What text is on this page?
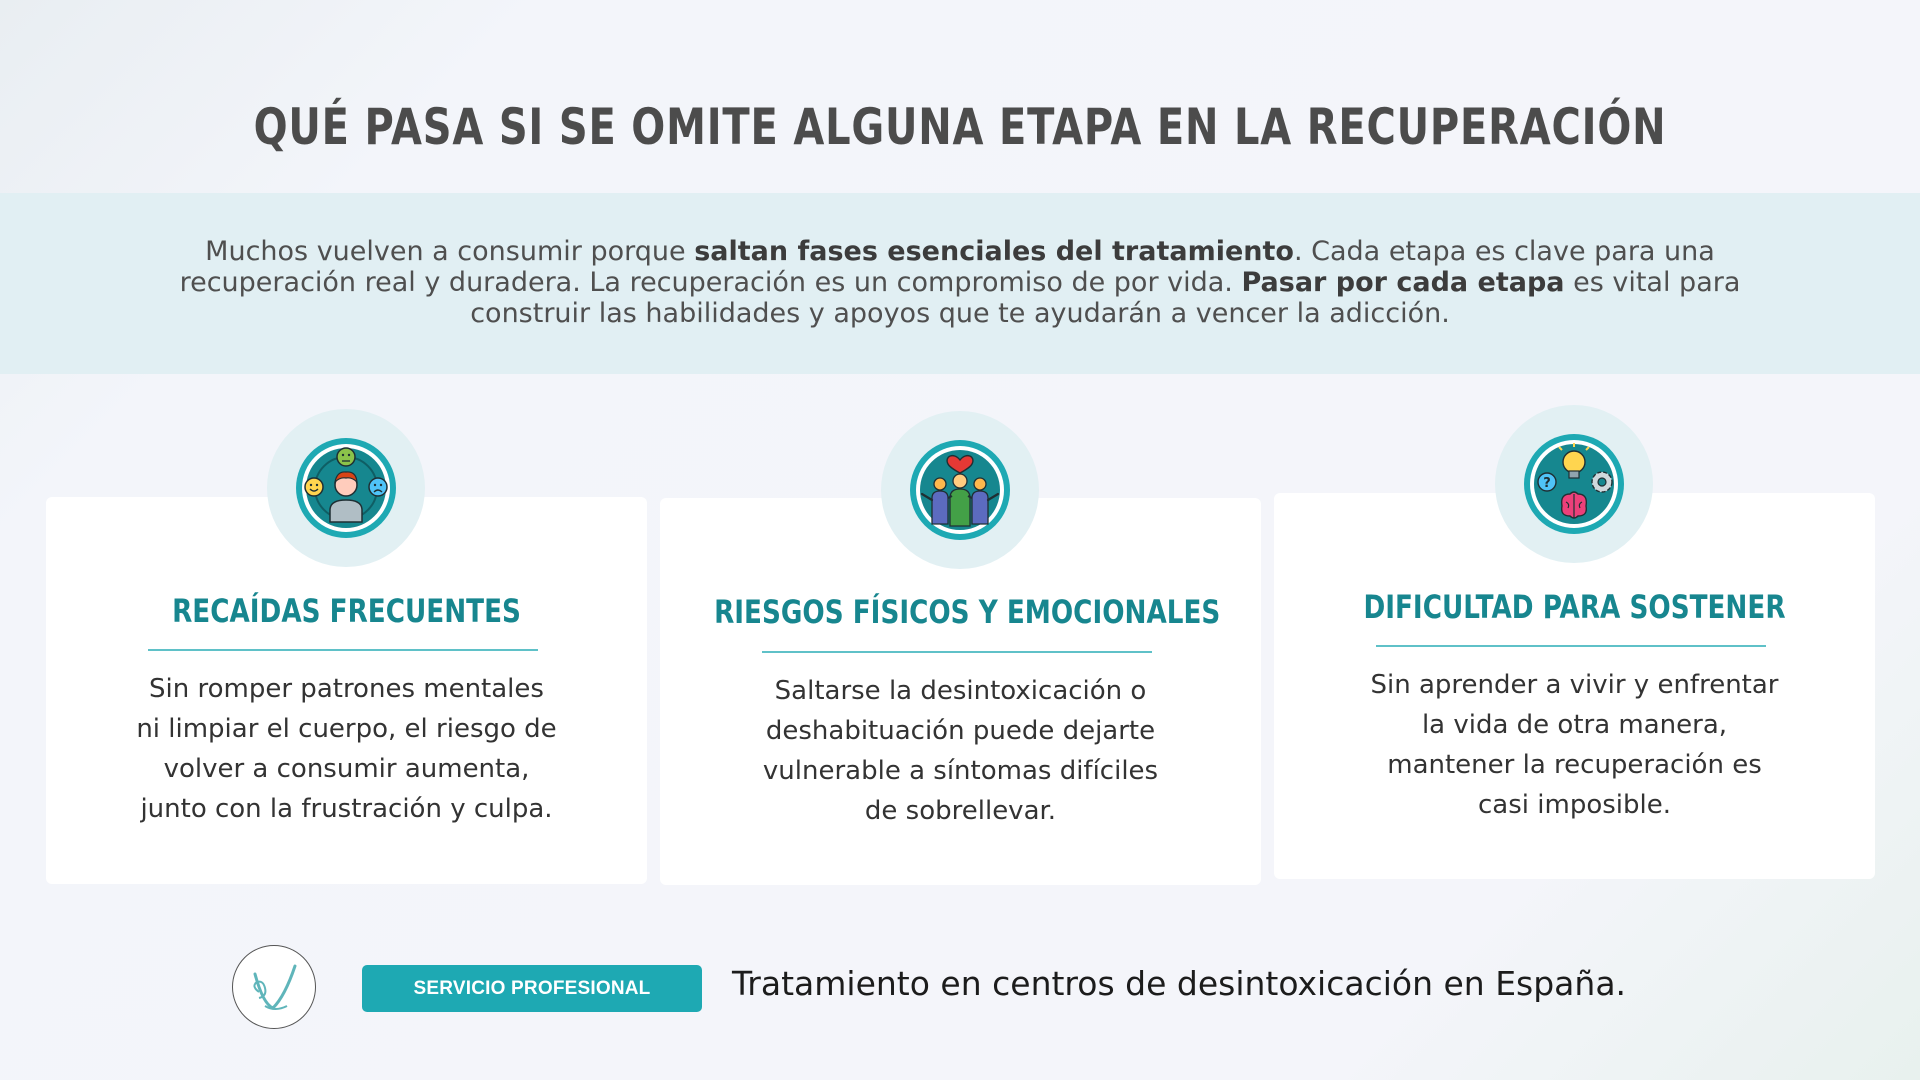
QUÉ PASA SI SE OMITE ALGUNA ETAPA EN LA RECUPERACIÓN

Muchos vuelven a consumir porque saltan fases esenciales del tratamiento. Cada etapa es clave para una recuperación real y duradera. La recuperación es un compromiso de por vida. Pasar por cada etapa es vital para construir las habilidades y apoyos que te ayudarán a vencer la adicción.

RECAÍDAS FRECUENTES
Sin romper patrones mentales
ni limpiar el cuerpo, el riesgo de
volver a consumir aumenta,
junto con la frustración y culpa.
RIESGOS FÍSICOS Y EMOCIONALES
Saltarse la desintoxicación o
deshabituación puede dejarte
vulnerable a síntomas difíciles
de sobrellevar.
DIFICULTAD PARA SOSTENER
Sin aprender a vivir y enfrentar
la vida de otra manera,
mantener la recuperación es
casi imposible.
?
SERVICIO PROFESIONAL	Tratamiento en centros de desintoxicación en España.
